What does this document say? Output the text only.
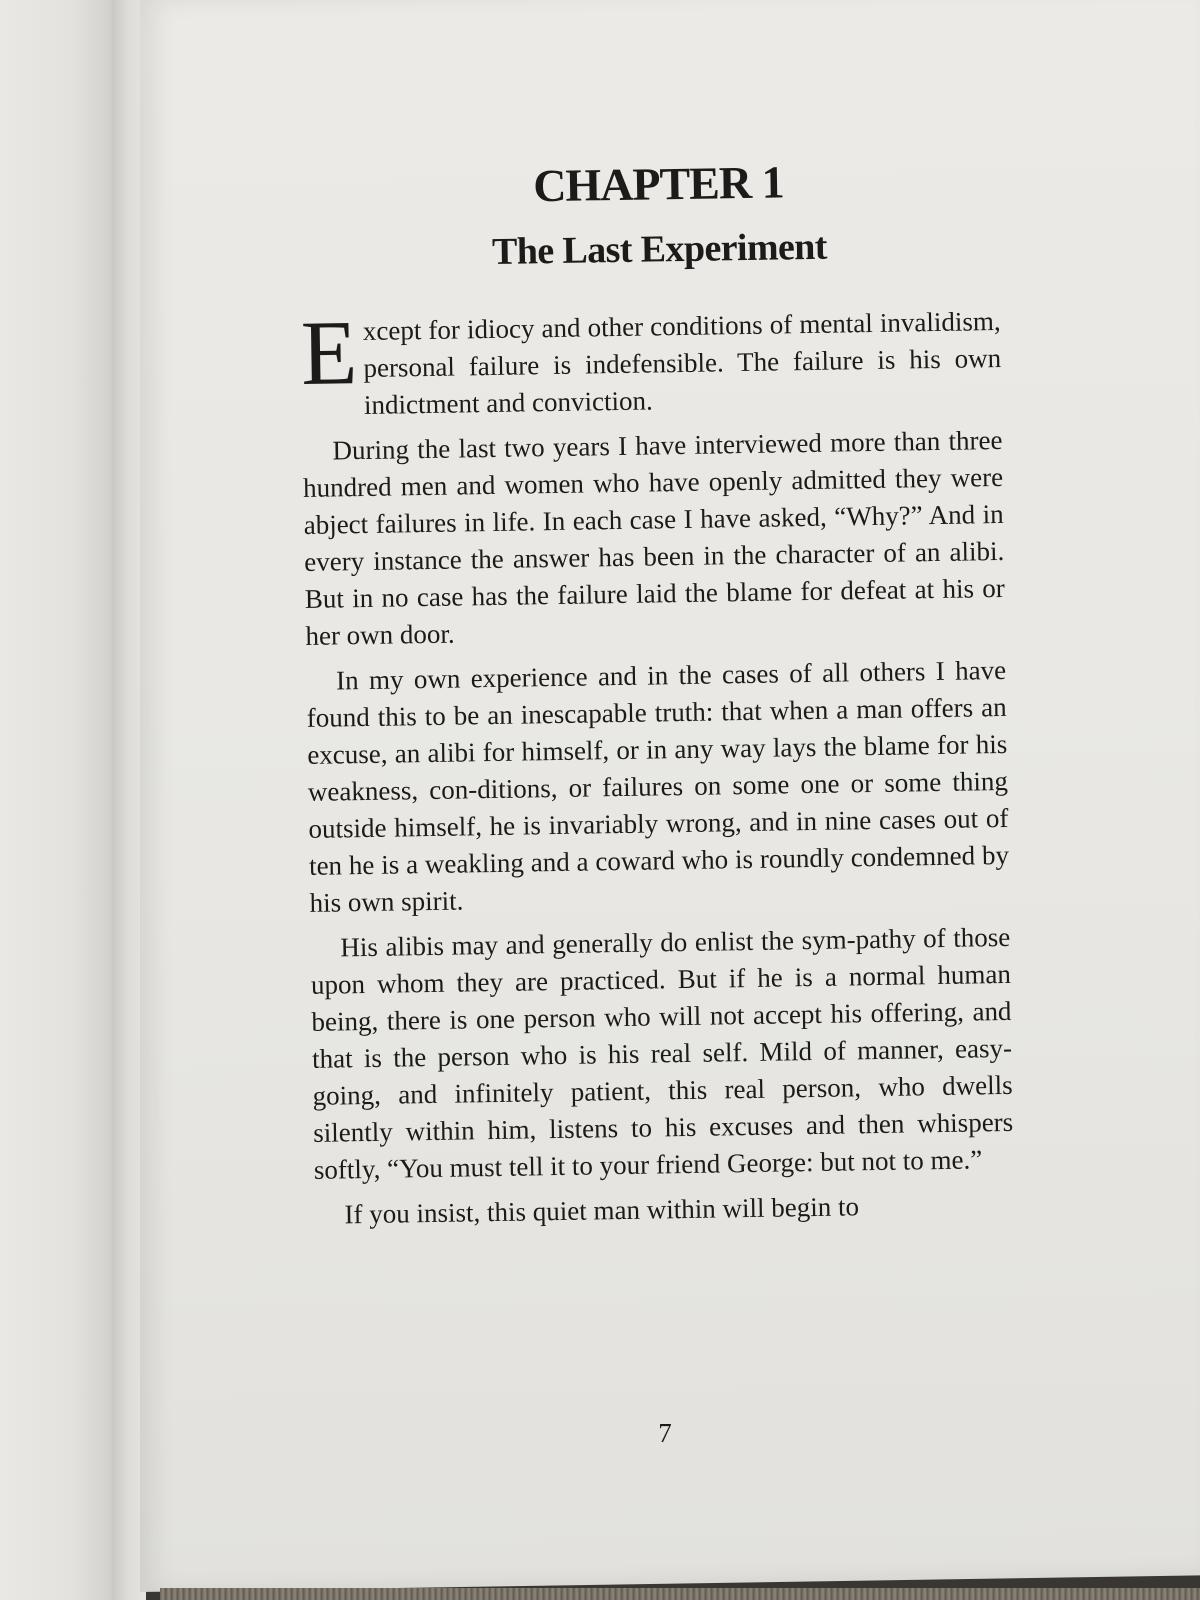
CHAPTER 1
The Last Experiment

Except for idiocy and other conditions of mental invalidism, personal failure is indefensible. The failure is his own indictment and conviction.

During the last two years I have interviewed more than three hundred men and women who have openly admitted they were abject failures in life. In each case I have asked, “Why?” And in every instance the answer has been in the character of an alibi. But in no case has the failure laid the blame for defeat at his or her own door.

In my own experience and in the cases of all others I have found this to be an inescapable truth: that when a man offers an excuse, an alibi for himself, or in any way lays the blame for his weakness, con-ditions, or failures on some one or some thing outside himself, he is invariably wrong, and in nine cases out of ten he is a weakling and a coward who is roundly condemned by his own spirit.

His alibis may and generally do enlist the sym-pathy of those upon whom they are practiced. But if he is a normal human being, there is one person who will not accept his offering, and that is the person who is his real self. Mild of manner, easy-going, and infinitely patient, this real person, who dwells silently within him, listens to his excuses and then whispers softly, “You must tell it to your friend George: but not to me.”

If you insist, this quiet man within will begin to

7
